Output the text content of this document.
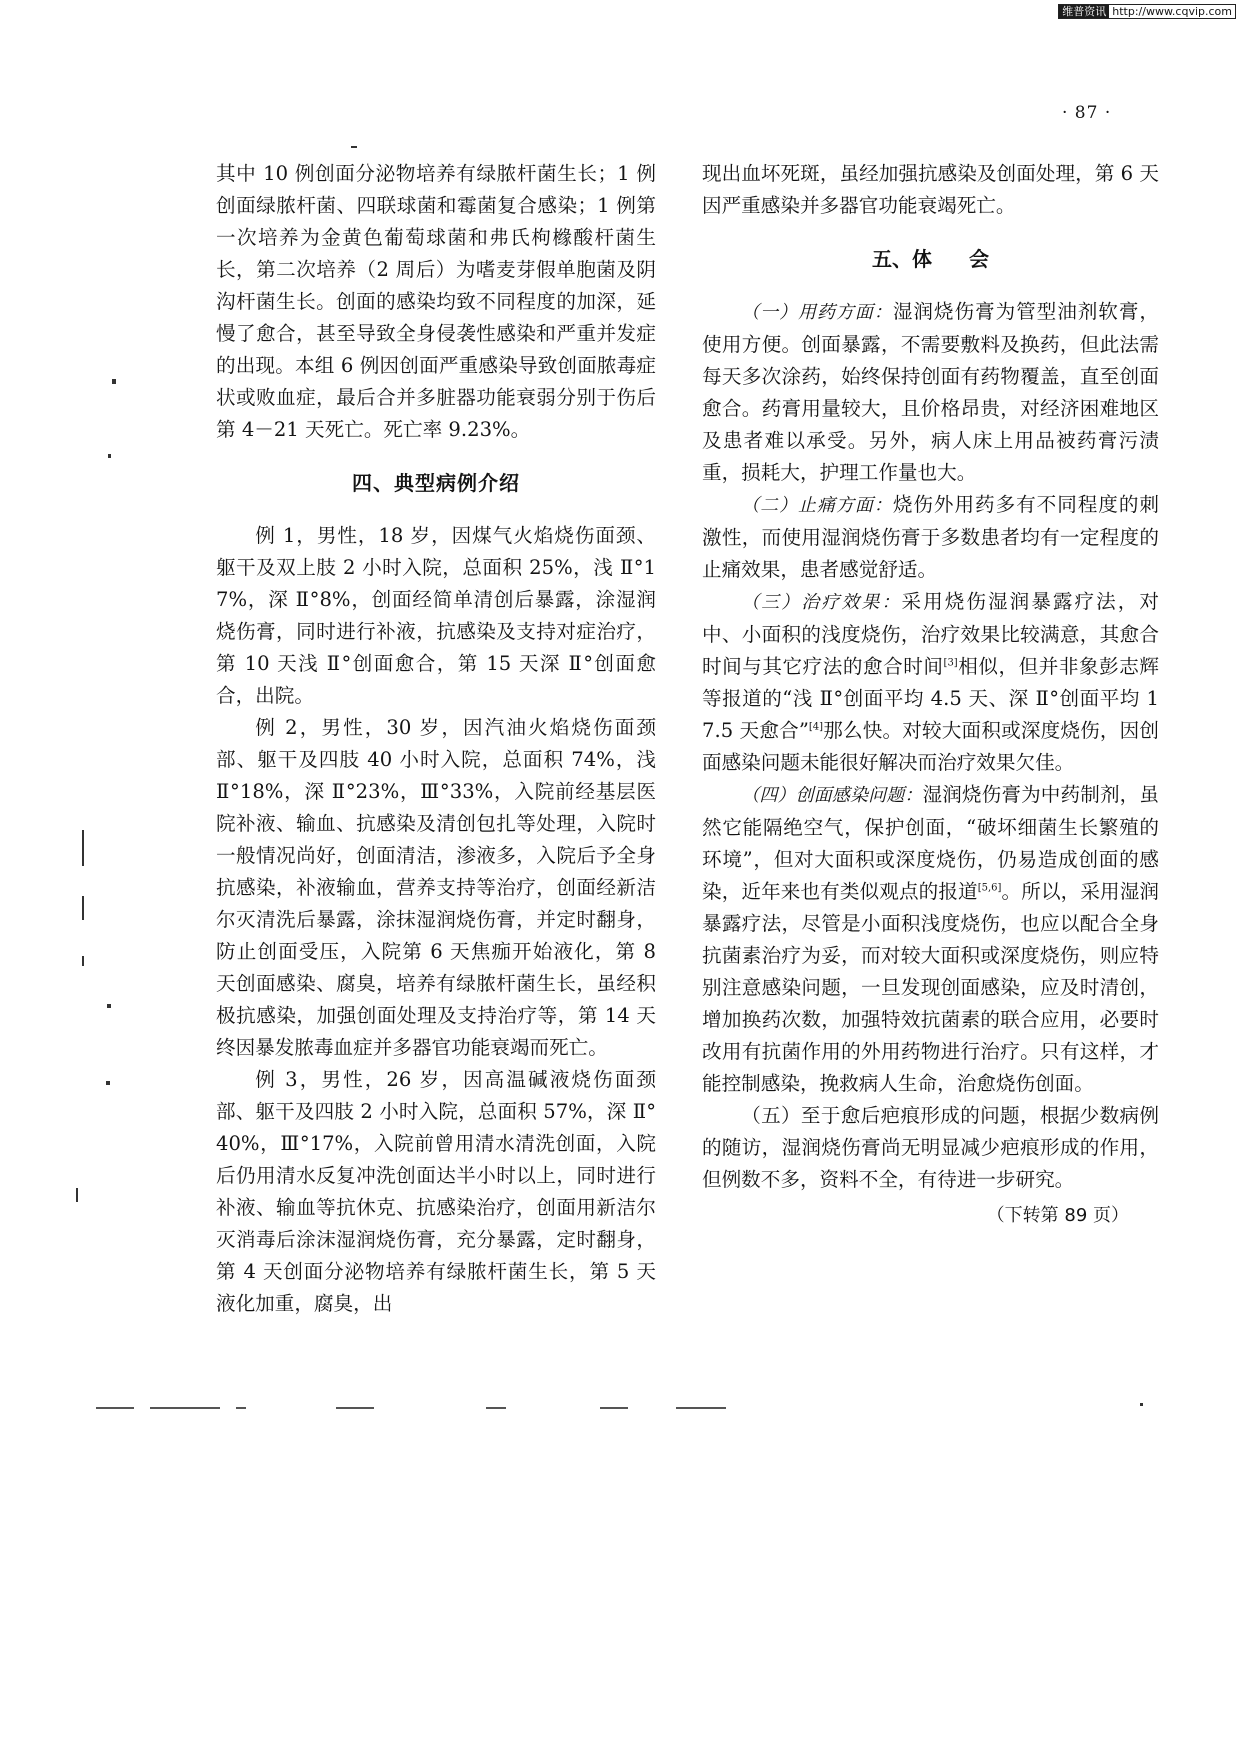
维普资讯 http://www.cqvip.com
· 87 ·

其中 10 例创面分泌物培养有绿脓杆菌生长；1 例创面绿脓杆菌、四联球菌和霉菌复合感染；1 例第一次培养为金黄色葡萄球菌和弗氏枸橼酸杆菌生长，第二次培养（2 周后）为嗜麦芽假单胞菌及阴沟杆菌生长。创面的感染均致不同程度的加深，延慢了愈合，甚至导致全身侵袭性感染和严重并发症的出现。本组 6 例因创面严重感染导致创面脓毒症状或败血症，最后合并多脏器功能衰弱分别于伤后第 4－21 天死亡。死亡率 9.23%。

四、典型病例介绍

例 1，男性，18 岁，因煤气火焰烧伤面颈、躯干及双上肢 2 小时入院，总面积 25%，浅 Ⅱ°17%，深 Ⅱ°8%，创面经简单清创后暴露，涂湿润烧伤膏，同时进行补液，抗感染及支持对症治疗，第 10 天浅 Ⅱ°创面愈合，第 15 天深 Ⅱ°创面愈合，出院。

例 2，男性，30 岁，因汽油火焰烧伤面颈部、躯干及四肢 40 小时入院，总面积 74%，浅 Ⅱ°18%，深 Ⅱ°23%，Ⅲ°33%，入院前经基层医院补液、输血、抗感染及清创包扎等处理，入院时一般情况尚好，创面清洁，渗液多，入院后予全身抗感染，补液输血，营养支持等治疗，创面经新洁尔灭清洗后暴露，涂抹湿润烧伤膏，并定时翻身，防止创面受压，入院第 6 天焦痂开始液化，第 8 天创面感染、腐臭，培养有绿脓杆菌生长，虽经积极抗感染，加强创面处理及支持治疗等，第 14 天终因暴发脓毒血症并多器官功能衰竭而死亡。

例 3，男性，26 岁，因高温碱液烧伤面颈部、躯干及四肢 2 小时入院，总面积 57%，深 Ⅱ°40%，Ⅲ°17%，入院前曾用清水清洗创面，入院后仍用清水反复冲洗创面达半小时以上，同时进行补液、输血等抗休克、抗感染治疗，创面用新洁尔灭消毒后涂沫湿润烧伤膏，充分暴露，定时翻身，第 4 天创面分泌物培养有绿脓杆菌生长，第 5 天液化加重，腐臭，出

现出血坏死斑，虽经加强抗感染及创面处理，第 6 天因严重感染并多器官功能衰竭死亡。

五、体 会

（一）用药方面：湿润烧伤膏为管型油剂软膏，使用方便。创面暴露，不需要敷料及换药，但此法需每天多次涂药，始终保持创面有药物覆盖，直至创面愈合。药膏用量较大，且价格昂贵，对经济困难地区及患者难以承受。另外，病人床上用品被药膏污渍重，损耗大，护理工作量也大。

（二）止痛方面：烧伤外用药多有不同程度的刺激性，而使用湿润烧伤膏于多数患者均有一定程度的止痛效果，患者感觉舒适。

（三）治疗效果：采用烧伤湿润暴露疗法，对中、小面积的浅度烧伤，治疗效果比较满意，其愈合时间与其它疗法的愈合时间[3]相似，但并非象彭志辉等报道的“浅 Ⅱ°创面平均 4.5 天、深 Ⅱ°创面平均 17.5 天愈合”[4]那么快。对较大面积或深度烧伤，因创面感染问题未能很好解决而治疗效果欠佳。

（四）创面感染问题：湿润烧伤膏为中药制剂，虽然它能隔绝空气，保护创面，“破坏细菌生长繁殖的环境”，但对大面积或深度烧伤，仍易造成创面的感染，近年来也有类似观点的报道[5,6]。所以，采用湿润暴露疗法，尽管是小面积浅度烧伤，也应以配合全身抗菌素治疗为妥，而对较大面积或深度烧伤，则应特别注意感染问题，一旦发现创面感染，应及时清创，增加换药次数，加强特效抗菌素的联合应用，必要时改用有抗菌作用的外用药物进行治疗。只有这样，才能控制感染，挽救病人生命，治愈烧伤创面。

（五）至于愈后疤痕形成的问题，根据少数病例的随访，湿润烧伤膏尚无明显减少疤痕形成的作用，但例数不多，资料不全，有待进一步研究。

（下转第 89 页）
